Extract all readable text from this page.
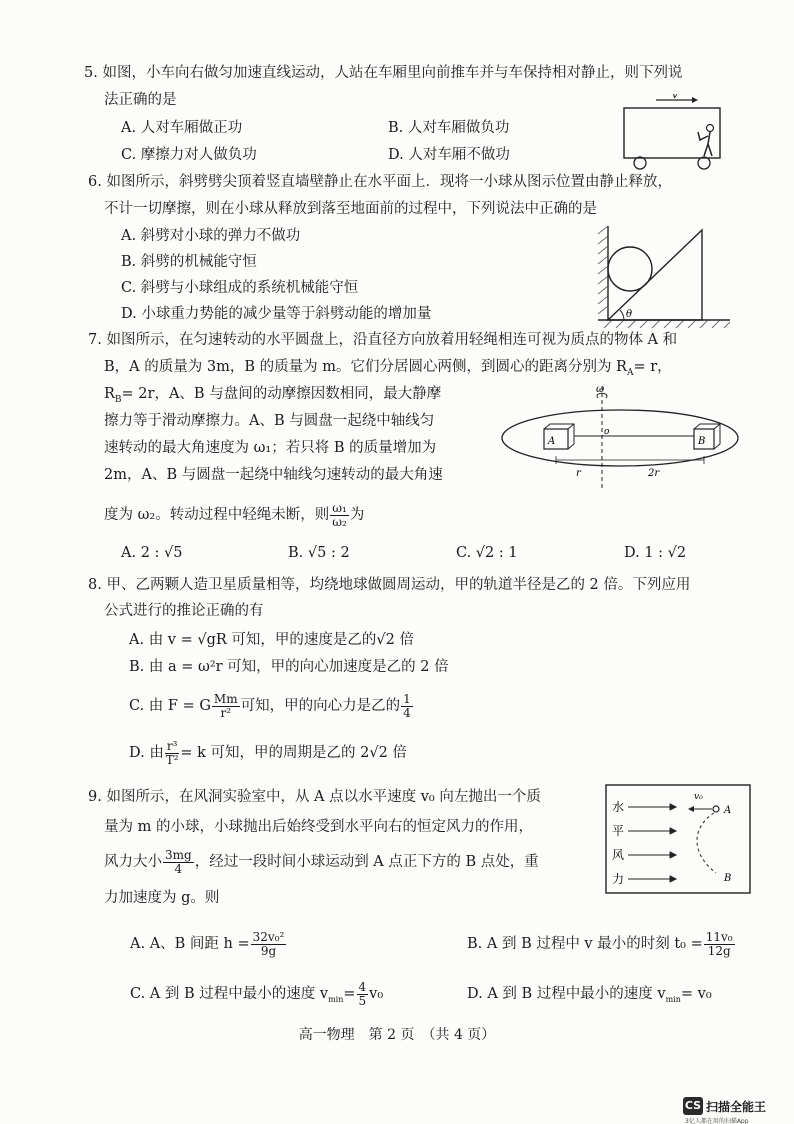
5. 如图，小车向右做匀加速直线运动，人站在车厢里向前推车并与车保持相对静止，则下列说
法正确的是
A. 人对车厢做正功	B. 人对车厢做负功
C. 摩擦力对人做负功	D. 人对车厢不做功
v
6. 如图所示，斜劈劈尖顶着竖直墙壁静止在水平面上．现将一小球从图示位置由静止释放，
不计一切摩擦，则在小球从释放到落至地面前的过程中，下列说法中正确的是
A. 斜劈对小球的弹力不做功
B. 斜劈的机械能守恒
C. 斜劈与小球组成的系统机械能守恒
D. 小球重力势能的减少量等于斜劈动能的增加量	θ
7. 如图所示，在匀速转动的水平圆盘上，沿直径方向放着用轻绳相连可视为质点的物体 A 和
B，A 的质量为 3m，B 的质量为 m。它们分居圆心两侧，到圆心的距离分别为 $R_A= r$，
$R_B= 2r$，A、B 与盘间的动摩擦因数相同，最大静摩
擦力等于滑动摩擦力。A、B 与圆盘一起绕中轴线匀
速转动的最大角速度为 ω₁；若只将 B 的质量增加为
2m，A、B 与圆盘一起绕中轴线匀速转动的最大角速
度为 ω₂。转动过程中轻绳未断，则 $\frac{\text{ω₁}}{\text{ω₂}}$ 为
A. 2 : √5	B. √5 : 2	C. √2 : 1	D. 1 : √2
ω
A	B
o
r	2r
8. 甲、乙两颗人造卫星质量相等，均绕地球做圆周运动，甲的轨道半径是乙的 2 倍。下列应用
公式进行的推论正确的有
A. 由 v = √gR 可知，甲的速度是乙的√2 倍
B. 由 a = ω²r 可知，甲的向心加速度是乙的 2 倍
C. 由 F = G $\frac{Mm}{\text{r²}}$ 可知，甲的向心力是乙的 $\frac{1}{4}$
D. 由 $\frac{\text{r³}}{\text{T²}} = k$ 可知，甲的周期是乙的 2√2 倍
9. 如图所示，在风洞实验室中，从 A 点以水平速度 v₀ 向左抛出一个质
量为 m 的小球，小球抛出后始终受到水平向右的恒定风力的作用，
风力大小 $\frac{3mg}{4}$ ，经过一段时间小球运动到 A 点正下方的 B 点处，重
力加速度为 g。则
A. A、B 间距 $h = \frac{\text{32v₀²}}{9g}$	B. A 到 B 过程中 v 最小的时刻 $t_0 = \frac{\text{11v₀}}{12g}$
C. A 到 B 过程中最小的速度 $v_{min}= \frac{4}{5} v_0$	D. A 到 B 过程中最小的速度 $v_{min}= v_0$
水
平
风
力
v₀
A
B
高一物理　第 2 页　（共 4 页）
CS 扫描全能王
3亿人都在用的扫描App
